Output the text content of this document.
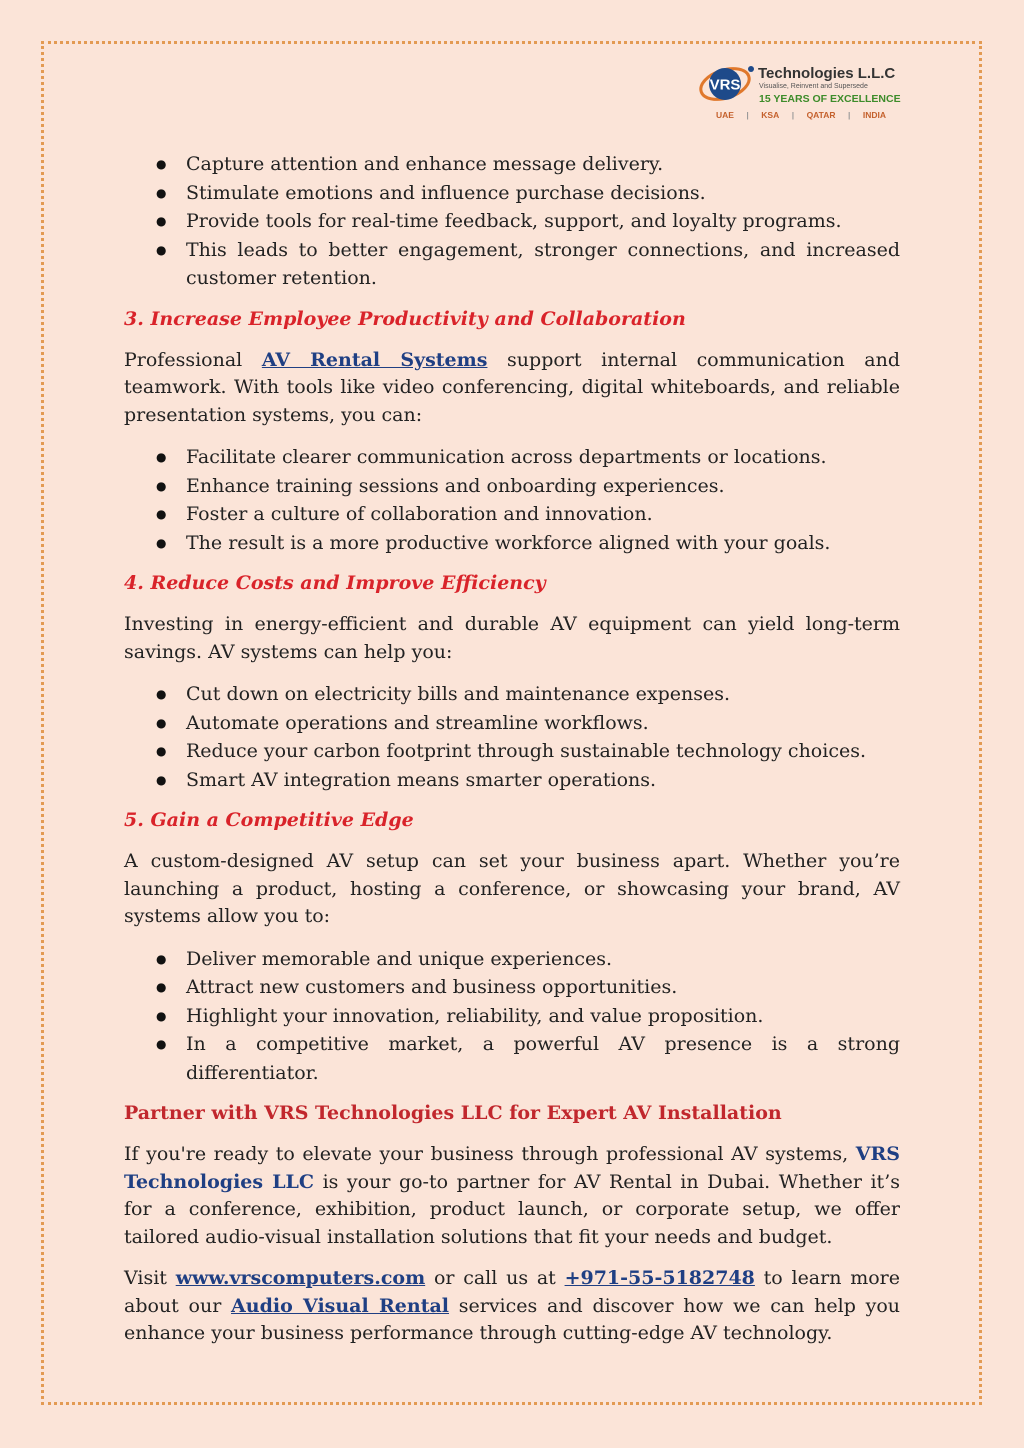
VRS
Technologies L.L.C
Visualise, Reinvent and Supersede
15 YEARS OF EXCELLENCE
UAE | KSA | QATAR | INDIA
● Capture attention and enhance message delivery.
● Stimulate emotions and influence purchase decisions.
● Provide tools for real-time feedback, support, and loyalty programs.
● This leads to better engagement, stronger connections, and increased customer retention.
3. Increase Employee Productivity and Collaboration

Professional AV Rental Systems support internal communication and teamwork. With tools like video conferencing, digital whiteboards, and reliable presentation systems, you can:

● Facilitate clearer communication across departments or locations.
● Enhance training sessions and onboarding experiences.
● Foster a culture of collaboration and innovation.
● The result is a more productive workforce aligned with your goals.
4. Reduce Costs and Improve Efficiency

Investing in energy-efficient and durable AV equipment can yield long-term savings. AV systems can help you:

● Cut down on electricity bills and maintenance expenses.
● Automate operations and streamline workflows.
● Reduce your carbon footprint through sustainable technology choices.
● Smart AV integration means smarter operations.
5. Gain a Competitive Edge

A custom-designed AV setup can set your business apart. Whether you’re launching a product, hosting a conference, or showcasing your brand, AV systems allow you to:

● Deliver memorable and unique experiences.
● Attract new customers and business opportunities.
● Highlight your innovation, reliability, and value proposition.
● In a competitive market, a powerful AV presence is a strong differentiator.
Partner with VRS Technologies LLC for Expert AV Installation

If you're ready to elevate your business through professional AV systems, VRS Technologies LLC is your go-to partner for AV Rental in Dubai. Whether it’s for a conference, exhibition, product launch, or corporate setup, we offer tailored audio-visual installation solutions that fit your needs and budget.

Visit www.vrscomputers.com or call us at +971-55-5182748 to learn more about our Audio Visual Rental services and discover how we can help you enhance your business performance through cutting-edge AV technology.
